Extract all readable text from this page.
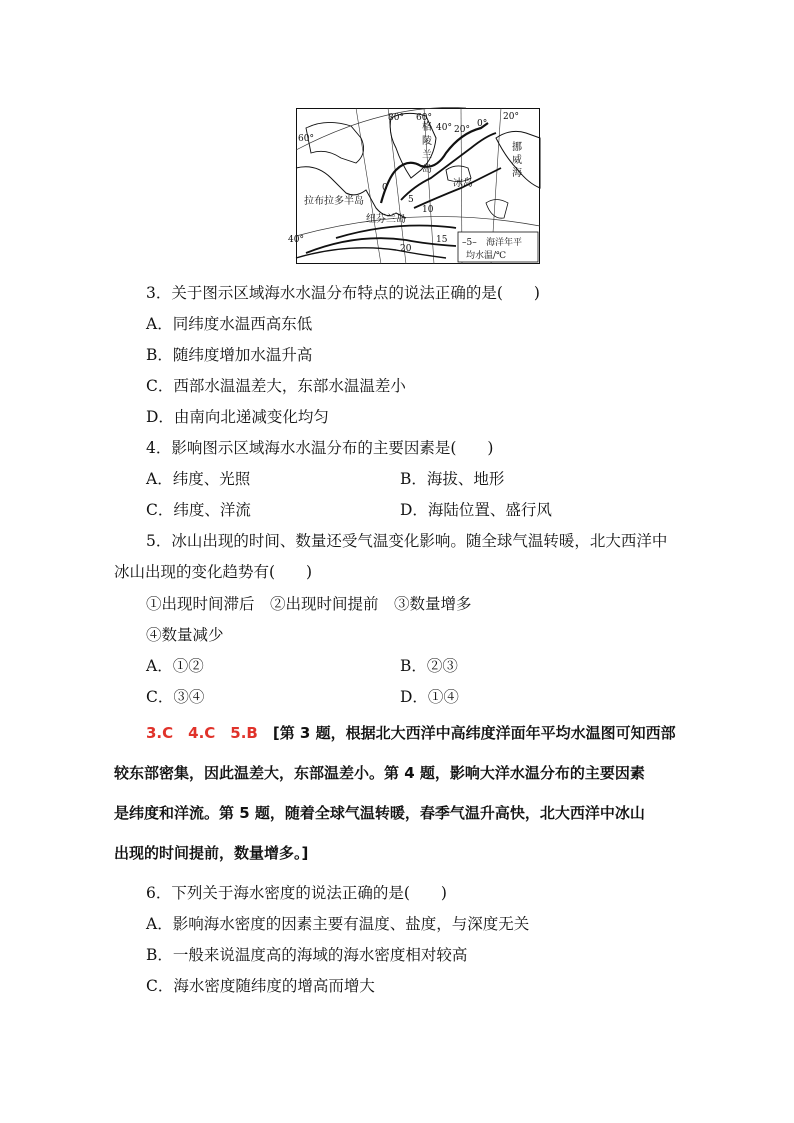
80° 60°
40° 20°
0°
20°
60°
40°
格
陵
兰
岛
挪
威
海
冰岛
拉布拉多半岛
纽芬兰岛
0
5
10
15
20
–5– 海洋年平
均水温/℃
3．关于图示区域海水水温分布特点的说法正确的是(　　)
A．同纬度水温西高东低
B．随纬度增加水温升高
C．西部水温温差大，东部水温温差小
D．由南向北递减变化均匀
4．影响图示区域海水水温分布的主要因素是(　　)
A．纬度、光照	B．海拔、地形
C．纬度、洋流	D．海陆位置、盛行风
5．冰山出现的时间、数量还受气温变化影响。随全球气温转暖，北大西洋中
冰山出现的变化趋势有(　　)
①出现时间滞后　②出现时间提前　③数量增多
④数量减少
A．①②	B．②③
C．③④	D．①④
3.C　4.C　5.B　[第 3 题，根据北大西洋中高纬度洋面年平均水温图可知西部
较东部密集，因此温差大，东部温差小。第 4 题，影响大洋水温分布的主要因素
是纬度和洋流。第 5 题，随着全球气温转暖，春季气温升高快，北大西洋中冰山
出现的时间提前，数量增多。]
6．下列关于海水密度的说法正确的是(　　)
A．影响海水密度的因素主要有温度、盐度，与深度无关
B．一般来说温度高的海域的海水密度相对较高
C．海水密度随纬度的增高而增大
